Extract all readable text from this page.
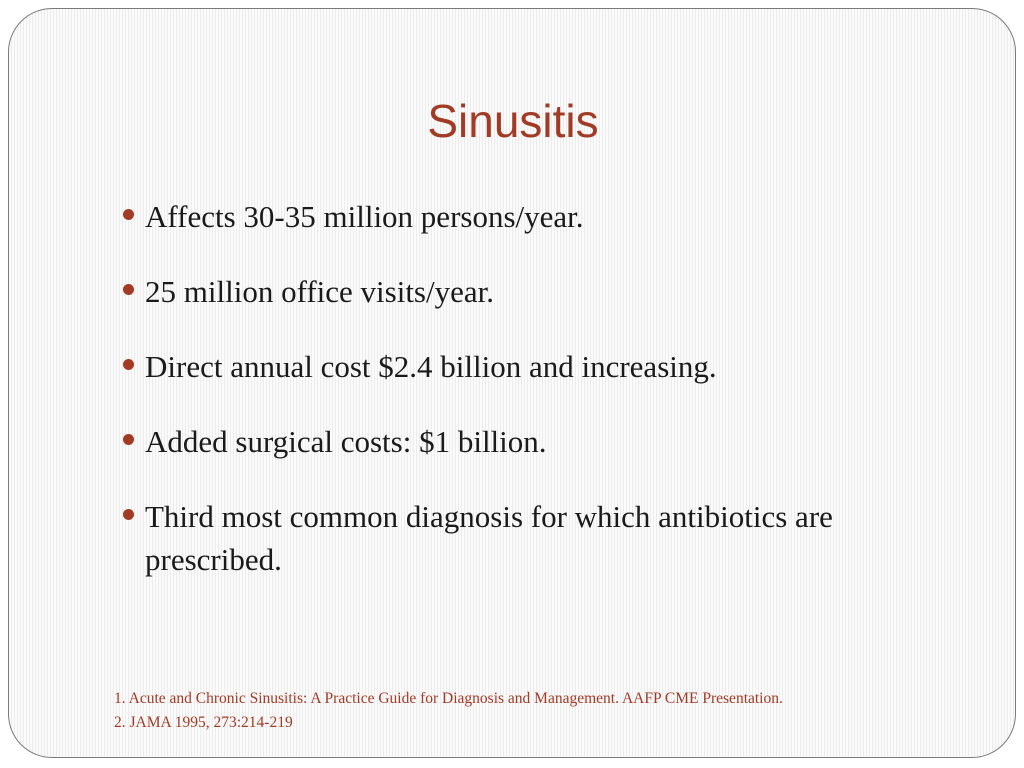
Sinusitis
Affects 30-35 million persons/year.
25 million office visits/year.
Direct annual cost $2.4 billion and increasing.
Added surgical costs: $1 billion.
Third most common diagnosis for which antibiotics are prescribed.
1. Acute and Chronic Sinusitis: A Practice Guide for Diagnosis and Management. AAFP CME Presentation.
2. JAMA 1995, 273:214-219
